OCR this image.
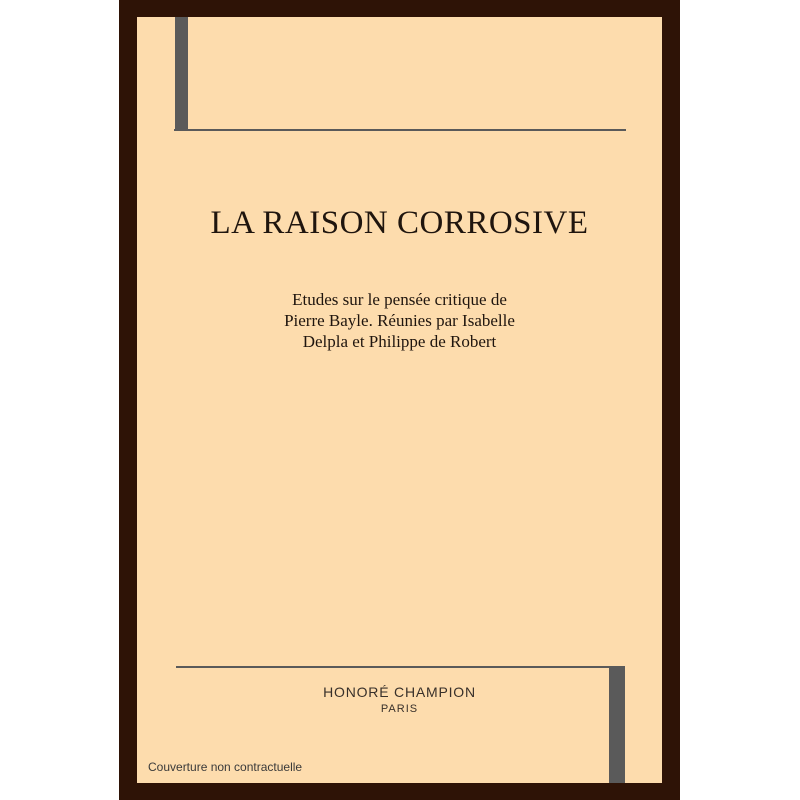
LA RAISON CORROSIVE
Etudes sur le pensée critique de
Pierre Bayle. Réunies par Isabelle
Delpla et Philippe de Robert
HONORÉ CHAMPION
PARIS
Couverture non contractuelle
